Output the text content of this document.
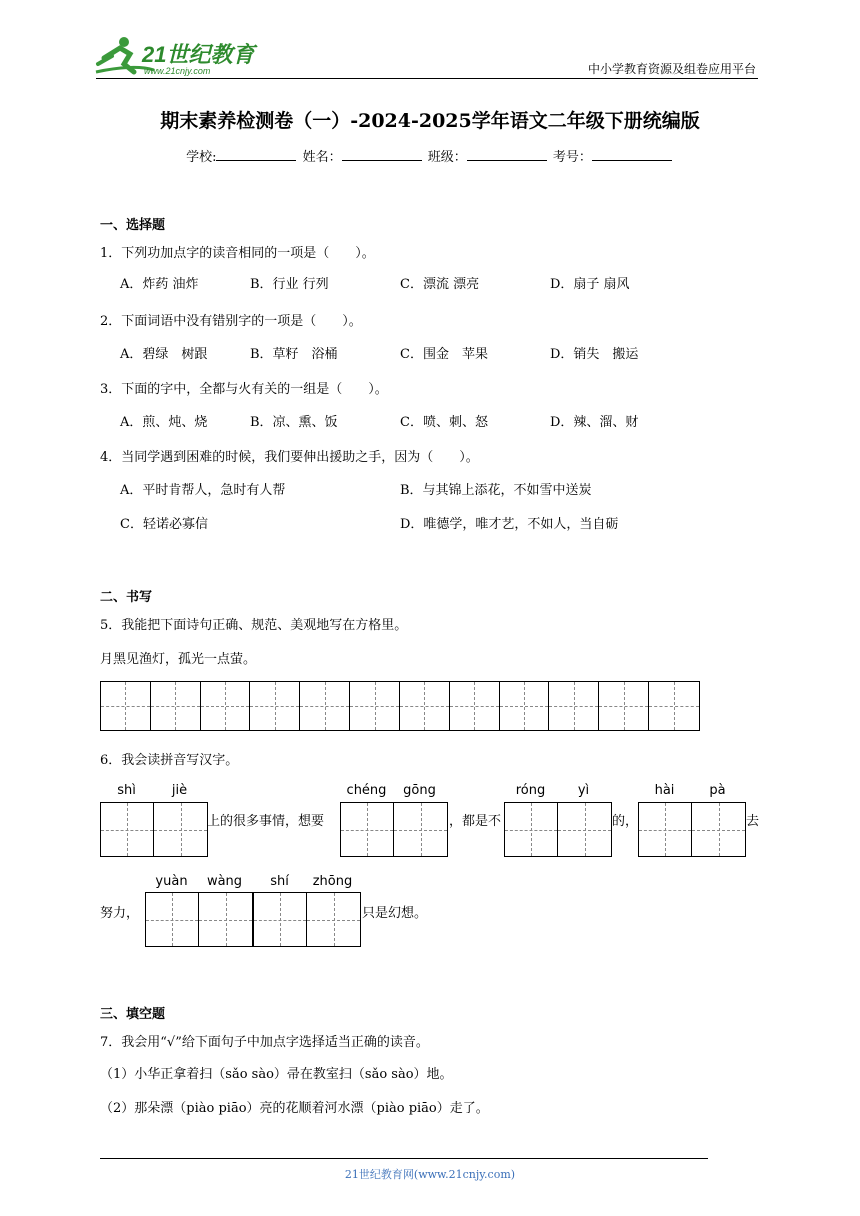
21世纪教育
www.21cnjy.com	中小学教育资源及组卷应用平台
期末素养检测卷（一）-2024-2025学年语文二年级下册统编版
学校:	姓名：	班级：	考号：
一、选择题
1．下列功加点字的读音相同的一项是（　　）。
A．炸药 油炸	B．行业 行列	C．漂流 漂亮	D．扇子 扇风
2．下面词语中没有错别字的一项是（　　）。
A．碧绿　树跟	B．草籽　浴桶	C．围金　苹果	D．销失　搬运
3．下面的字中，全都与火有关的一组是（　　）。
A．煎、炖、烧	B．凉、熏、饭	C．喷、刺、怒	D．辣、溜、财
4．当同学遇到困难的时候，我们要伸出援助之手，因为（　　）。
A．平时肯帮人，急时有人帮	B．与其锦上添花，不如雪中送炭
C．轻诺必寡信	D．唯德学，唯才艺，不如人，当自砺
二、书写
5．我能把下面诗句正确、规范、美观地写在方格里。
月黑见渔灯，孤光一点萤。
6．我会读拼音写汉字。
shì	jiè
上的很多事情，想要
chéng	gōng
，都是不
róng	yì
的，
hài	pà
去
努力，
yuàn	wàng	shí	zhōng
只是幻想。
三、填空题
7．我会用“√”给下面句子中加点字选择适当正确的读音。
（1）小华正拿着扫（sǎo sào）帚在教室扫（sǎo sào）地。
（2）那朵漂（piào piāo）亮的花顺着河水漂（piào piāo）走了。
21世纪教育网(www.21cnjy.com)
